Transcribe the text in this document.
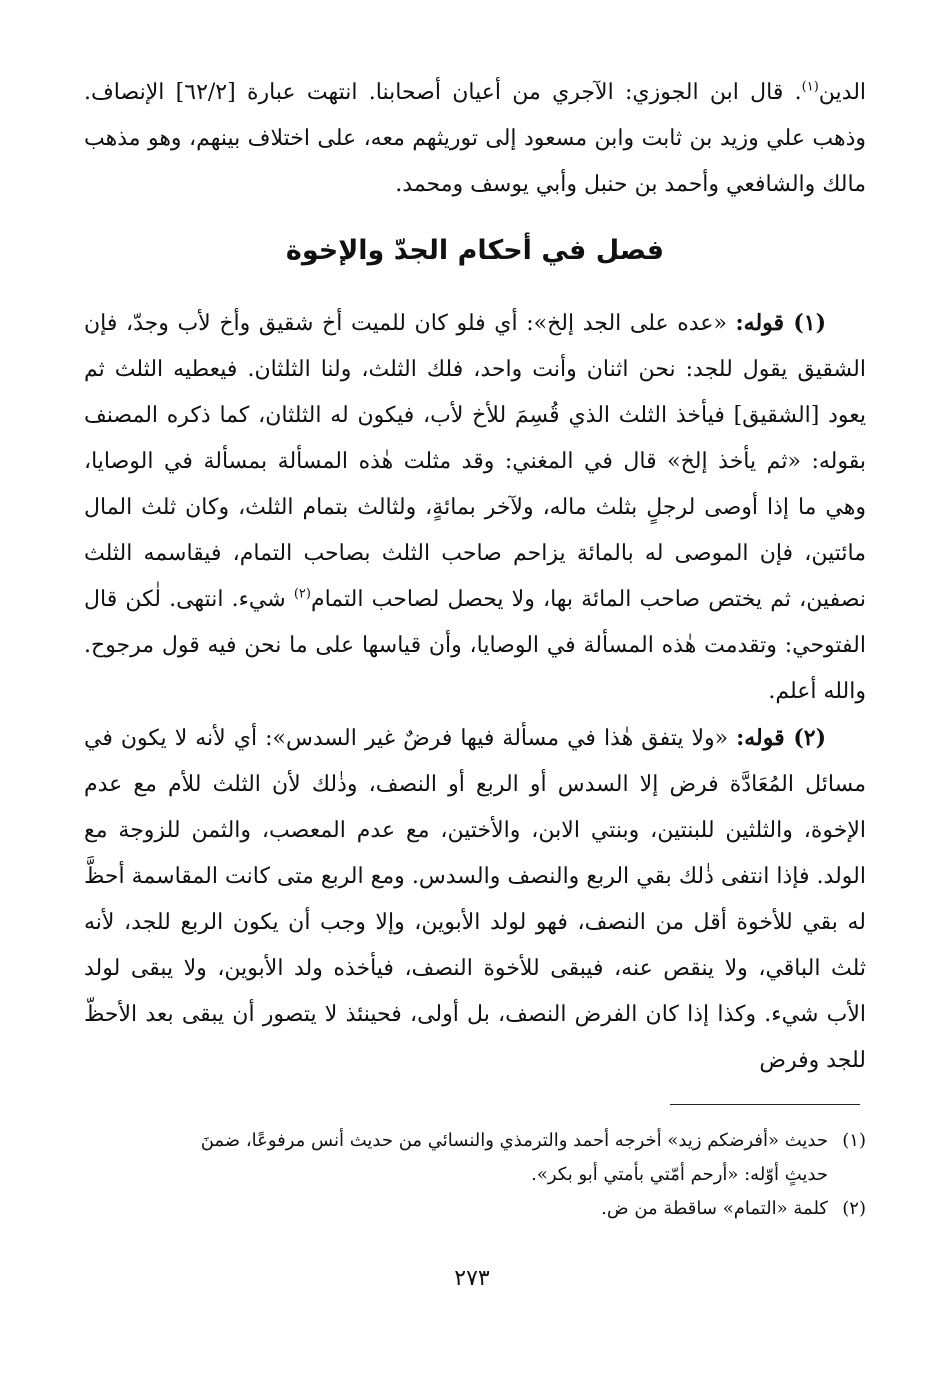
الدين$^{(١)}$. قال ابن الجوزي: الآجري من أعيان أصحابنا. انتهت عبارة [٦٢/٢] الإنصاف. وذهب علي وزيد بن ثابت وابن مسعود إلى توريثهم معه، على اختلاف بينهم، وهو مذهب مالك والشافعي وأحمد بن حنبل وأبي يوسف ومحمد.

فصل في أحكام الجدّ والإخوة

(١) قوله: «عده على الجد إلخ»: أي فلو كان للميت أخ شقيق وأخ لأب وجدّ، فإن الشقيق يقول للجد: نحن اثنان وأنت واحد، فلك الثلث، ولنا الثلثان. فيعطيه الثلث ثم يعود [الشقيق] فيأخذ الثلث الذي قُسِمَ للأخ لأب، فيكون له الثلثان، كما ذكره المصنف بقوله: «ثم يأخذ إلخ» قال في المغني: وقد مثلت هٰذه المسألة بمسألة في الوصايا، وهي ما إذا أوصى لرجلٍ بثلث ماله، ولآخر بمائةٍ، ولثالث بتمام الثلث، وكان ثلث المال مائتين، فإن الموصى له بالمائة يزاحم صاحب الثلث بصاحب التمام، فيقاسمه الثلث نصفين، ثم يختص صاحب المائة بها، ولا يحصل لصاحب التمام$^{(٢)}$ شيء. انتهى. لٰكن قال الفتوحي: وتقدمت هٰذه المسألة في الوصايا، وأن قياسها على ما نحن فيه قول مرجوح. والله أعلم.

(٢) قوله: «ولا يتفق هٰذا في مسألة فيها فرضٌ غير السدس»: أي لأنه لا يكون في مسائل المُعَادَّة فرض إلا السدس أو الربع أو النصف، وذٰلك لأن الثلث للأم مع عدم الإخوة، والثلثين للبنتين، وبنتي الابن، والأختين، مع عدم المعصب، والثمن للزوجة مع الولد. فإذا انتفى ذٰلك بقي الربع والنصف والسدس. ومع الربع متى كانت المقاسمة أحظَّ له بقي للأخوة أقل من النصف، فهو لولد الأبوين، وإلا وجب أن يكون الربع للجد، لأنه ثلث الباقي، ولا ينقص عنه، فيبقى للأخوة النصف، فيأخذه ولد الأبوين، ولا يبقى لولد الأب شيء. وكذا إذا كان الفرض النصف، بل أولى، فحينئذ لا يتصور أن يبقى بعد الأحظّ للجد وفرض

(١)حديث «أفرضكم زيد» أخرجه أحمد والترمذي والنسائي من حديث أنس مرفوعًا، ضمنَ

حديثٍ أوّله: «أرحم أمّتي بأمتي أبو بكر».

(٢)كلمة «التمام» ساقطة من ض.

٢٧٣
